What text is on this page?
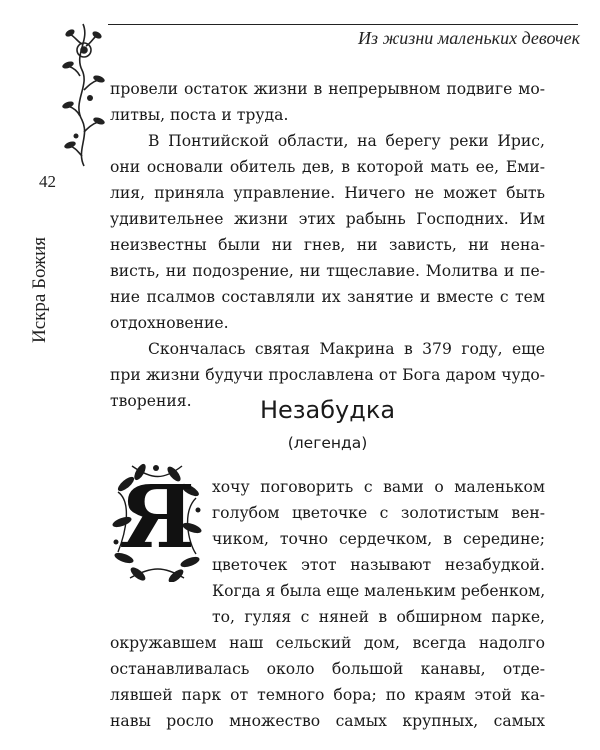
Из жизни маленьких девочек
42
Искра Божия
провели остаток жизни в непрерывном подвиге мо-
литвы, поста и труда.
В Понтийской области, на берегу реки Ирис,
они основали обитель дев, в которой мать ее, Еми-
лия, приняла управление. Ничего не может быть
удивительнее жизни этих рабынь Господних. Им
неизвестны были ни гнев, ни зависть, ни нена-
висть, ни подозрение, ни тщеславие. Молитва и пе-
ние псалмов составляли их занятие и вместе с тем
отдохновение.
Скончалась святая Макрина в 379 году, еще
при жизни будучи прославлена от Бога даром чудо-
творения.	Незабудка
(легенда)
Я	хочу поговорить с вами о маленьком
голубом цветочке с золотистым вен-
чиком, точно сердечком, в середине;
цветочек этот называют незабудкой.
Когда я была еще маленьким ребенком,
то, гуляя с няней в обширном парке,
окружавшем наш сельский дом, всегда надолго
останавливалась около большой канавы, отде-
лявшей парк от темного бора; по краям этой ка-
навы росло множество самых крупных, самых
